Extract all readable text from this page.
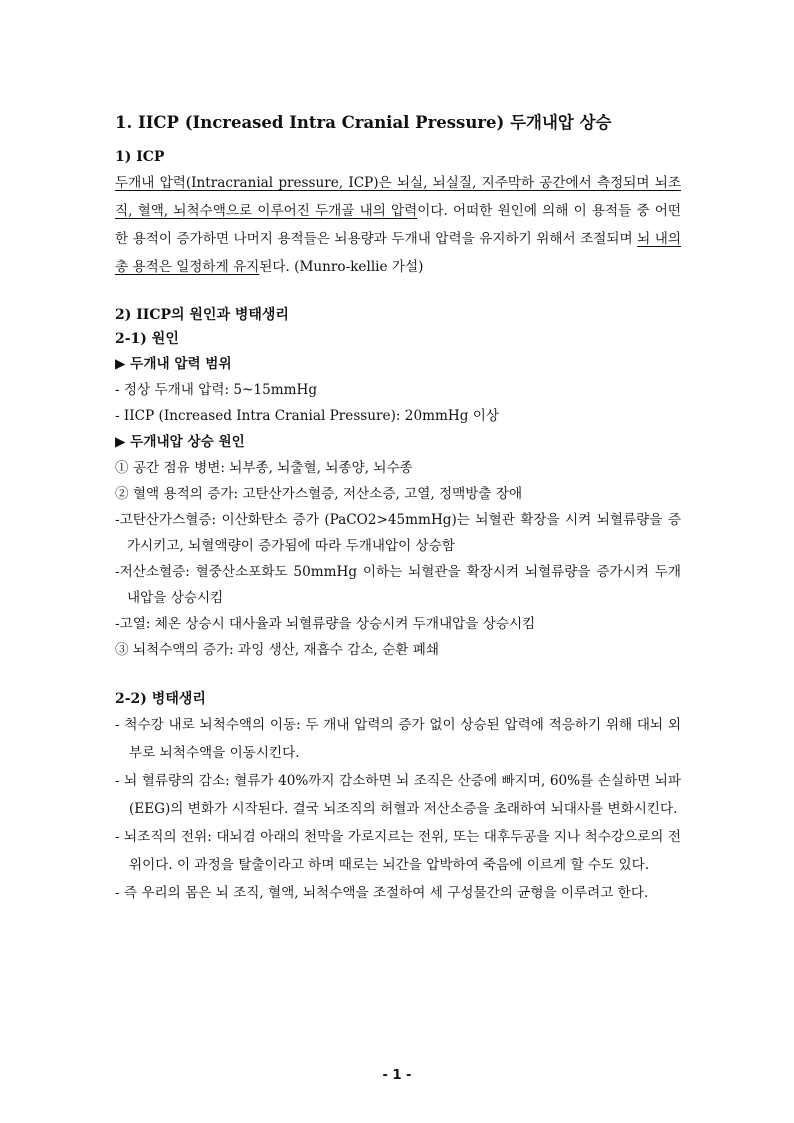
1. IICP (Increased Intra Cranial Pressure) 두개내압 상승
1) ICP

두개내 압력(Intracranial pressure, ICP)은 뇌실, 뇌실질, 지주막하 공간에서 측정되며 뇌조직, 혈액, 뇌척수액으로 이루어진 두개골 내의 압력이다. 어떠한 원인에 의해 이 용적들 중 어떤 한 용적이 증가하면 나머지 용적들은 뇌용량과 두개내 압력을 유지하기 위해서 조절되며 뇌 내의 총 용적은 일정하게 유지된다. (Munro-kellie 가설)

2) IICP의 원인과 병태생리
2-1) 원인
▶ 두개내 압력 범위
- 정상 두개내 압력: 5~15mmHg
- IICP (Increased Intra Cranial Pressure): 20mmHg 이상
▶ 두개내압 상승 원인
① 공간 점유 병변: 뇌부종, 뇌출혈, 뇌종양, 뇌수종
② 혈액 용적의 증가: 고탄산가스혈증, 저산소증, 고열, 정맥방출 장애
-고탄산가스혈증: 이산화탄소 증가 (PaCO2>45mmHg)는 뇌혈관 확장을 시켜 뇌혈류량을 증가시키고, 뇌혈액량이 증가됨에 따라 두개내압이 상승함
-저산소혈증: 혈중산소포화도 50mmHg 이하는 뇌혈관을 확장시켜 뇌혈류량을 증가시켜 두개내압을 상승시킴
-고열: 체온 상승시 대사율과 뇌혈류량을 상승시켜 두개내압을 상승시킴
③ 뇌척수액의 증가: 과잉 생산, 재흡수 감소, 순환 폐쇄
2-2) 병태생리
- 척수강 내로 뇌척수액의 이동: 두 개내 압력의 증가 없이 상승된 압력에 적응하기 위해 대뇌 외부로 뇌척수액을 이동시킨다.
- 뇌 혈류량의 감소: 혈류가 40%까지 감소하면 뇌 조직은 산증에 빠지며, 60%를 손실하면 뇌파(EEG)의 변화가 시작된다. 결국 뇌조직의 허혈과 저산소증을 초래하여 뇌대사를 변화시킨다.
- 뇌조직의 전위: 대뇌겸 아래의 천막을 가로지르는 전위, 또는 대후두공을 지나 척수강으로의 전위이다. 이 과정을 탈출이라고 하며 때로는 뇌간을 압박하여 죽음에 이르게 할 수도 있다.
- 즉 우리의 몸은 뇌 조직, 혈액, 뇌척수액을 조절하여 세 구성물간의 균형을 이루려고 한다.
- 1 -
